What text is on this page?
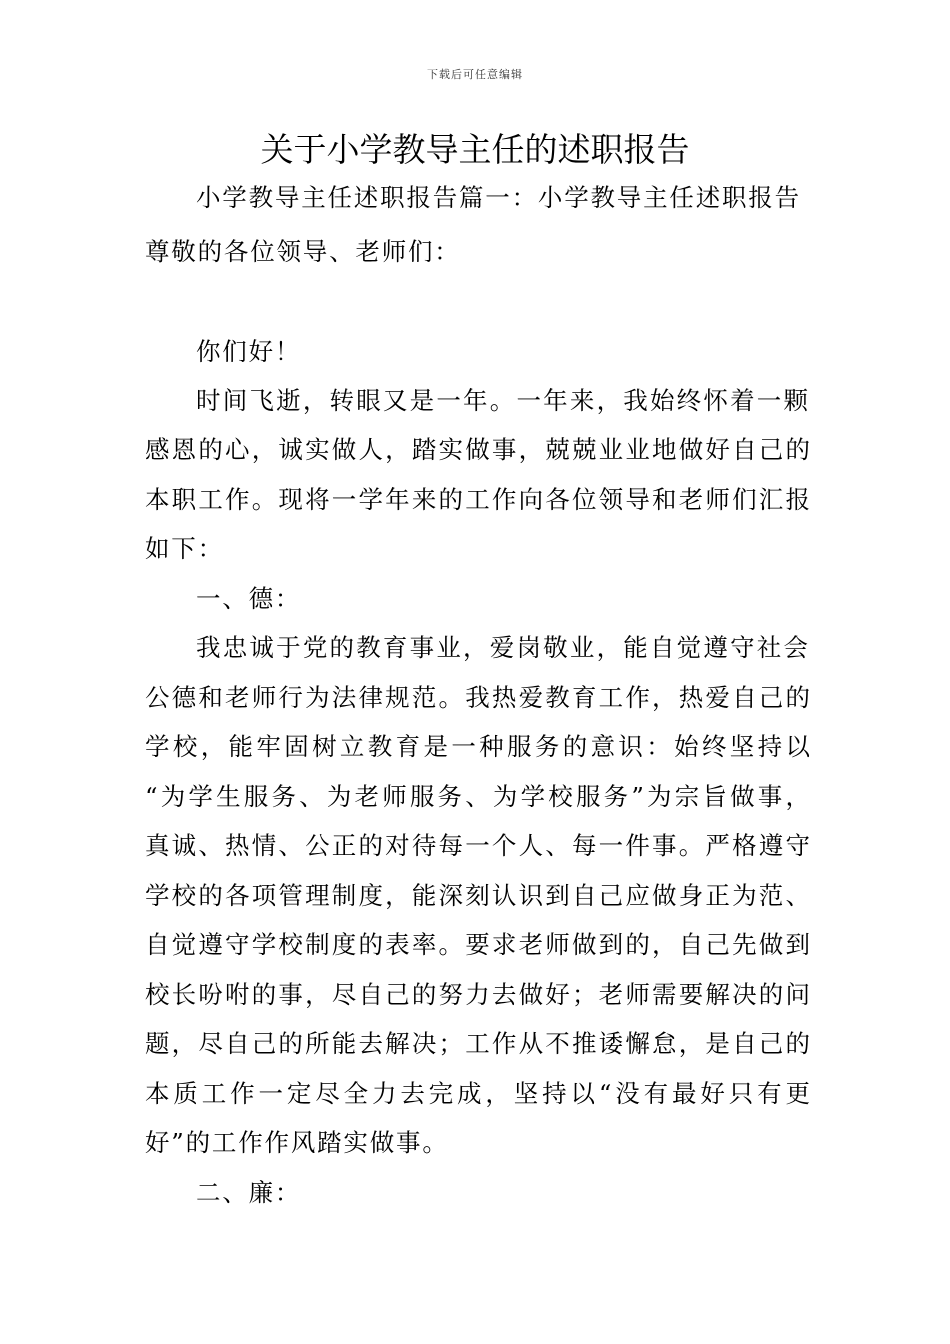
下载后可任意编辑
关于小学教导主任的述职报告
小学教导主任述职报告篇一：小学教导主任述职报告
尊敬的各位领导、老师们：
你们好！
时间飞逝，转眼又是一年。一年来，我始终怀着一颗
感恩的心，诚实做人，踏实做事，兢兢业业地做好自己的
本职工作。现将一学年来的工作向各位领导和老师们汇报
如下：
一、德：
我忠诚于党的教育事业，爱岗敬业，能自觉遵守社会
公德和老师行为法律规范。我热爱教育工作，热爱自己的
学校，能牢固树立教育是一种服务的意识：始终坚持以
“为学生服务、为老师服务、为学校服务”为宗旨做事，
真诚、热情、公正的对待每一个人、每一件事。严格遵守
学校的各项管理制度，能深刻认识到自己应做身正为范、
自觉遵守学校制度的表率。要求老师做到的，自己先做到
校长吩咐的事，尽自己的努力去做好；老师需要解决的问
题，尽自己的所能去解决；工作从不推诿懈怠，是自己的
本质工作一定尽全力去完成，坚持以“没有最好只有更
好”的工作作风踏实做事。
二、廉：
